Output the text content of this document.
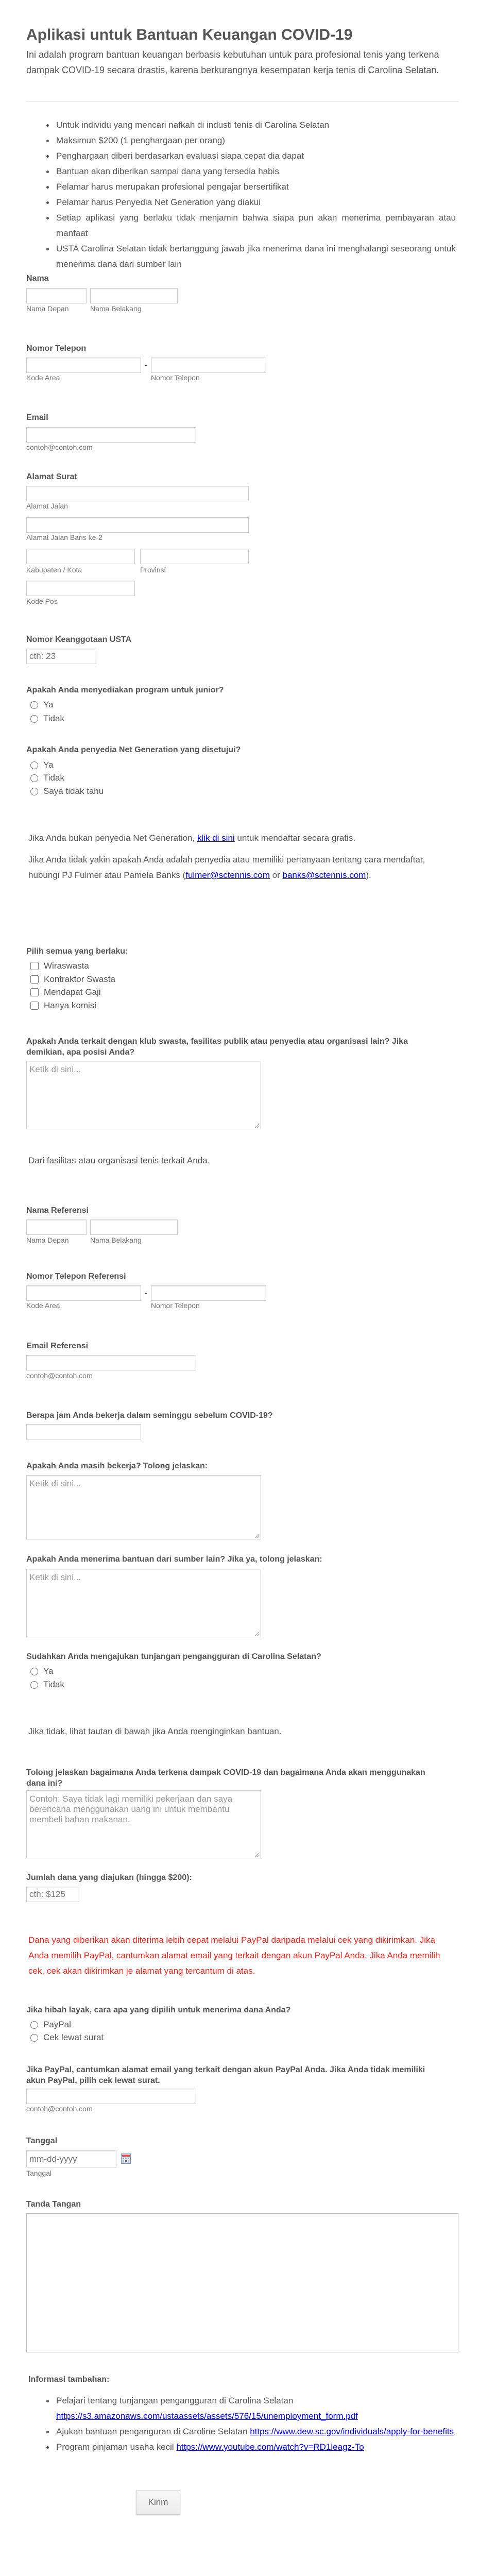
Aplikasi untuk Bantuan Keuangan COVID-19
Ini adalah program bantuan keuangan berbasis kebutuhan untuk para profesional tenis yang terkena dampak COVID-19 secara drastis, karena berkurangnya kesempatan kerja tenis di Carolina Selatan.
Untuk individu yang mencari nafkah di industi tenis di Carolina Selatan
Maksimun $200 (1 penghargaan per orang)
Penghargaan diberi berdasarkan evaluasi siapa cepat dia dapat
Bantuan akan diberikan sampai dana yang tersedia habis
Pelamar harus merupakan profesional pengajar bersertifikat
Pelamar harus Penyedia Net Generation yang diakui
Setiap aplikasi yang berlaku tidak menjamin bahwa siapa pun akan menerima pembayaran atau manfaat
USTA Carolina Selatan tidak bertanggung jawab jika menerima dana ini menghalangi seseorang untuk menerima dana dari sumber lain
Nama
Nama Depan	Nama Belakang
Nomor Telepon
-
Kode Area	Nomor Telepon
Email
contoh@contoh.com
Alamat Surat
Alamat Jalan
Alamat Jalan Baris ke-2
Kabupaten / Kota	Provinsi
Kode Pos
Nomor Keanggotaan USTA
cth: 23
Apakah Anda menyediakan program untuk junior?
Ya
Tidak
Apakah Anda penyedia Net Generation yang disetujui?
Ya
Tidak
Saya tidak tahu
Jika Anda bukan penyedia Net Generation, klik di sini untuk mendaftar secara gratis.
Jika Anda tidak yakin apakah Anda adalah penyedia atau memiliki pertanyaan tentang cara mendaftar, hubungi PJ Fulmer atau Pamela Banks (fulmer@sctennis.com or banks@sctennis.com).
Pilih semua yang berlaku:
Wiraswasta
Kontraktor Swasta
Mendapat Gaji
Hanya komisi
Apakah Anda terkait dengan klub swasta, fasilitas publik atau penyedia atau organisasi lain? Jika demikian, apa posisi Anda?
Ketik di sini...
Dari fasilitas atau organisasi tenis terkait Anda.
Nama Referensi
Nama Depan	Nama Belakang
Nomor Telepon Referensi
-
Kode Area	Nomor Telepon
Email Referensi
contoh@contoh.com
Berapa jam Anda bekerja dalam seminggu sebelum COVID-19?
Apakah Anda masih bekerja? Tolong jelaskan:
Ketik di sini...
Apakah Anda menerima bantuan dari sumber lain? Jika ya, tolong jelaskan:
Ketik di sini...
Sudahkan Anda mengajukan tunjangan pengangguran di Carolina Selatan?
Ya
Tidak
Jika tidak, lihat tautan di bawah jika Anda menginginkan bantuan.
Tolong jelaskan bagaimana Anda terkena dampak COVID-19 dan bagaimana Anda akan menggunakan dana ini?
Contoh: Saya tidak lagi memiliki pekerjaan dan saya berencana menggunakan uang ini untuk membantu membeli bahan makanan.
Jumlah dana yang diajukan (hingga $200):
cth: $125
Dana yang diberikan akan diterima lebih cepat melalui PayPal daripada melalui cek yang dikirimkan. Jika Anda memilih PayPal, cantumkan alamat email yang terkait dengan akun PayPal Anda. Jika Anda memilih cek, cek akan dikirimkan je alamat yang tercantum di atas.
Jika hibah layak, cara apa yang dipilih untuk menerima dana Anda?
PayPal
Cek lewat surat
Jika PayPal, cantumkan alamat email yang terkait dengan akun PayPal Anda. Jika Anda tidak memiliki akun PayPal, pilih cek lewat surat.
contoh@contoh.com
Tanggal
mm-dd-yyyy
Tanggal
Tanda Tangan
Informasi tambahan:
Pelajari tentang tunjangan pengangguran di Carolina Selatan https://s3.amazonaws.com/ustaassets/assets/576/15/unemployment_form.pdf
Ajukan bantuan penganguran di Caroline Selatan https://www.dew.sc.gov/individuals/apply-for-benefits
Program pinjaman usaha kecil https://www.youtube.com/watch?v=RD1leagz-To
Kirim
